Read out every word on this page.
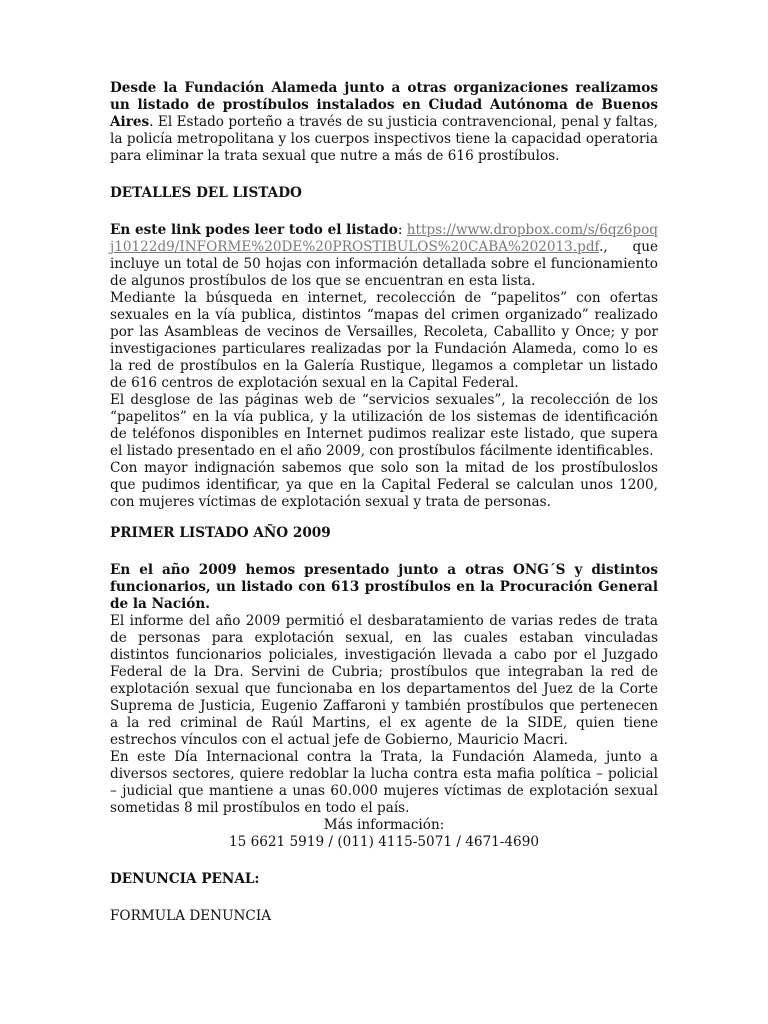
Desde la Fundación Alameda junto a otras organizaciones realizamos un listado de prostíbulos instalados en Ciudad Autónoma de Buenos Aires. El Estado porteño a través de su justicia contravencional, penal y faltas, la policía metropolitana y los cuerpos inspectivos tiene la capacidad operatoria para eliminar la trata sexual que nutre a más de 616 prostíbulos.

DETALLES DEL LISTADO

En este link podes leer todo el listado: https://www.dropbox.com/s/6qz6poqj10122d9/INFORME%20DE%20PROSTIBULOS%20CABA%202013.pdf., que incluye un total de 50 hojas con información detallada sobre el funcionamiento de algunos prostíbulos de los que se encuentran en esta lista.

Mediante la búsqueda en internet, recolección de “papelitos” con ofertas sexuales en la vía publica, distintos “mapas del crimen organizado” realizado por las Asambleas de vecinos de Versailles, Recoleta, Caballito y Once; y por investigaciones particulares realizadas por la Fundación Alameda, como lo es la red de prostíbulos en la Galería Rustique, llegamos a completar un listado de 616 centros de explotación sexual en la Capital Federal.

El desglose de las páginas web de “servicios sexuales”, la recolección de los “papelitos” en la vía publica, y la utilización de los sistemas de identificación de teléfonos disponibles en Internet pudimos realizar este listado, que supera el listado presentado en el año 2009, con prostíbulos fácilmente identificables.

Con mayor indignación sabemos que solo son la mitad de los prostíbuloslos que pudimos identificar, ya que en la Capital Federal se calculan unos 1200, con mujeres víctimas de explotación sexual y trata de personas.

PRIMER LISTADO AÑO 2009

En el año 2009 hemos presentado junto a otras ONG´S y distintos funcionarios, un listado con 613 prostíbulos en la Procuración General de la Nación.

El informe del año 2009 permitió el desbaratamiento de varias redes de trata de personas para explotación sexual, en las cuales estaban vinculadas distintos funcionarios policiales, investigación llevada a cabo por el Juzgado Federal de la Dra. Servini de Cubria; prostíbulos que integraban la red de explotación sexual que funcionaba en los departamentos del Juez de la Corte Suprema de Justicia, Eugenio Zaffaroni y también prostíbulos que pertenecen a la red criminal de Raúl Martins, el ex agente de la SIDE, quien tiene estrechos vínculos con el actual jefe de Gobierno, Mauricio Macri.

En este Día Internacional contra la Trata, la Fundación Alameda, junto a diversos sectores, quiere redoblar la lucha contra esta mafia política – policial – judicial que mantiene a unas 60.000 mujeres víctimas de explotación sexual sometidas 8 mil prostíbulos en todo el país.

Más información:
15 6621 5919 / (011) 4115-5071 / 4671-4690
DENUNCIA PENAL:
FORMULA DENUNCIA
